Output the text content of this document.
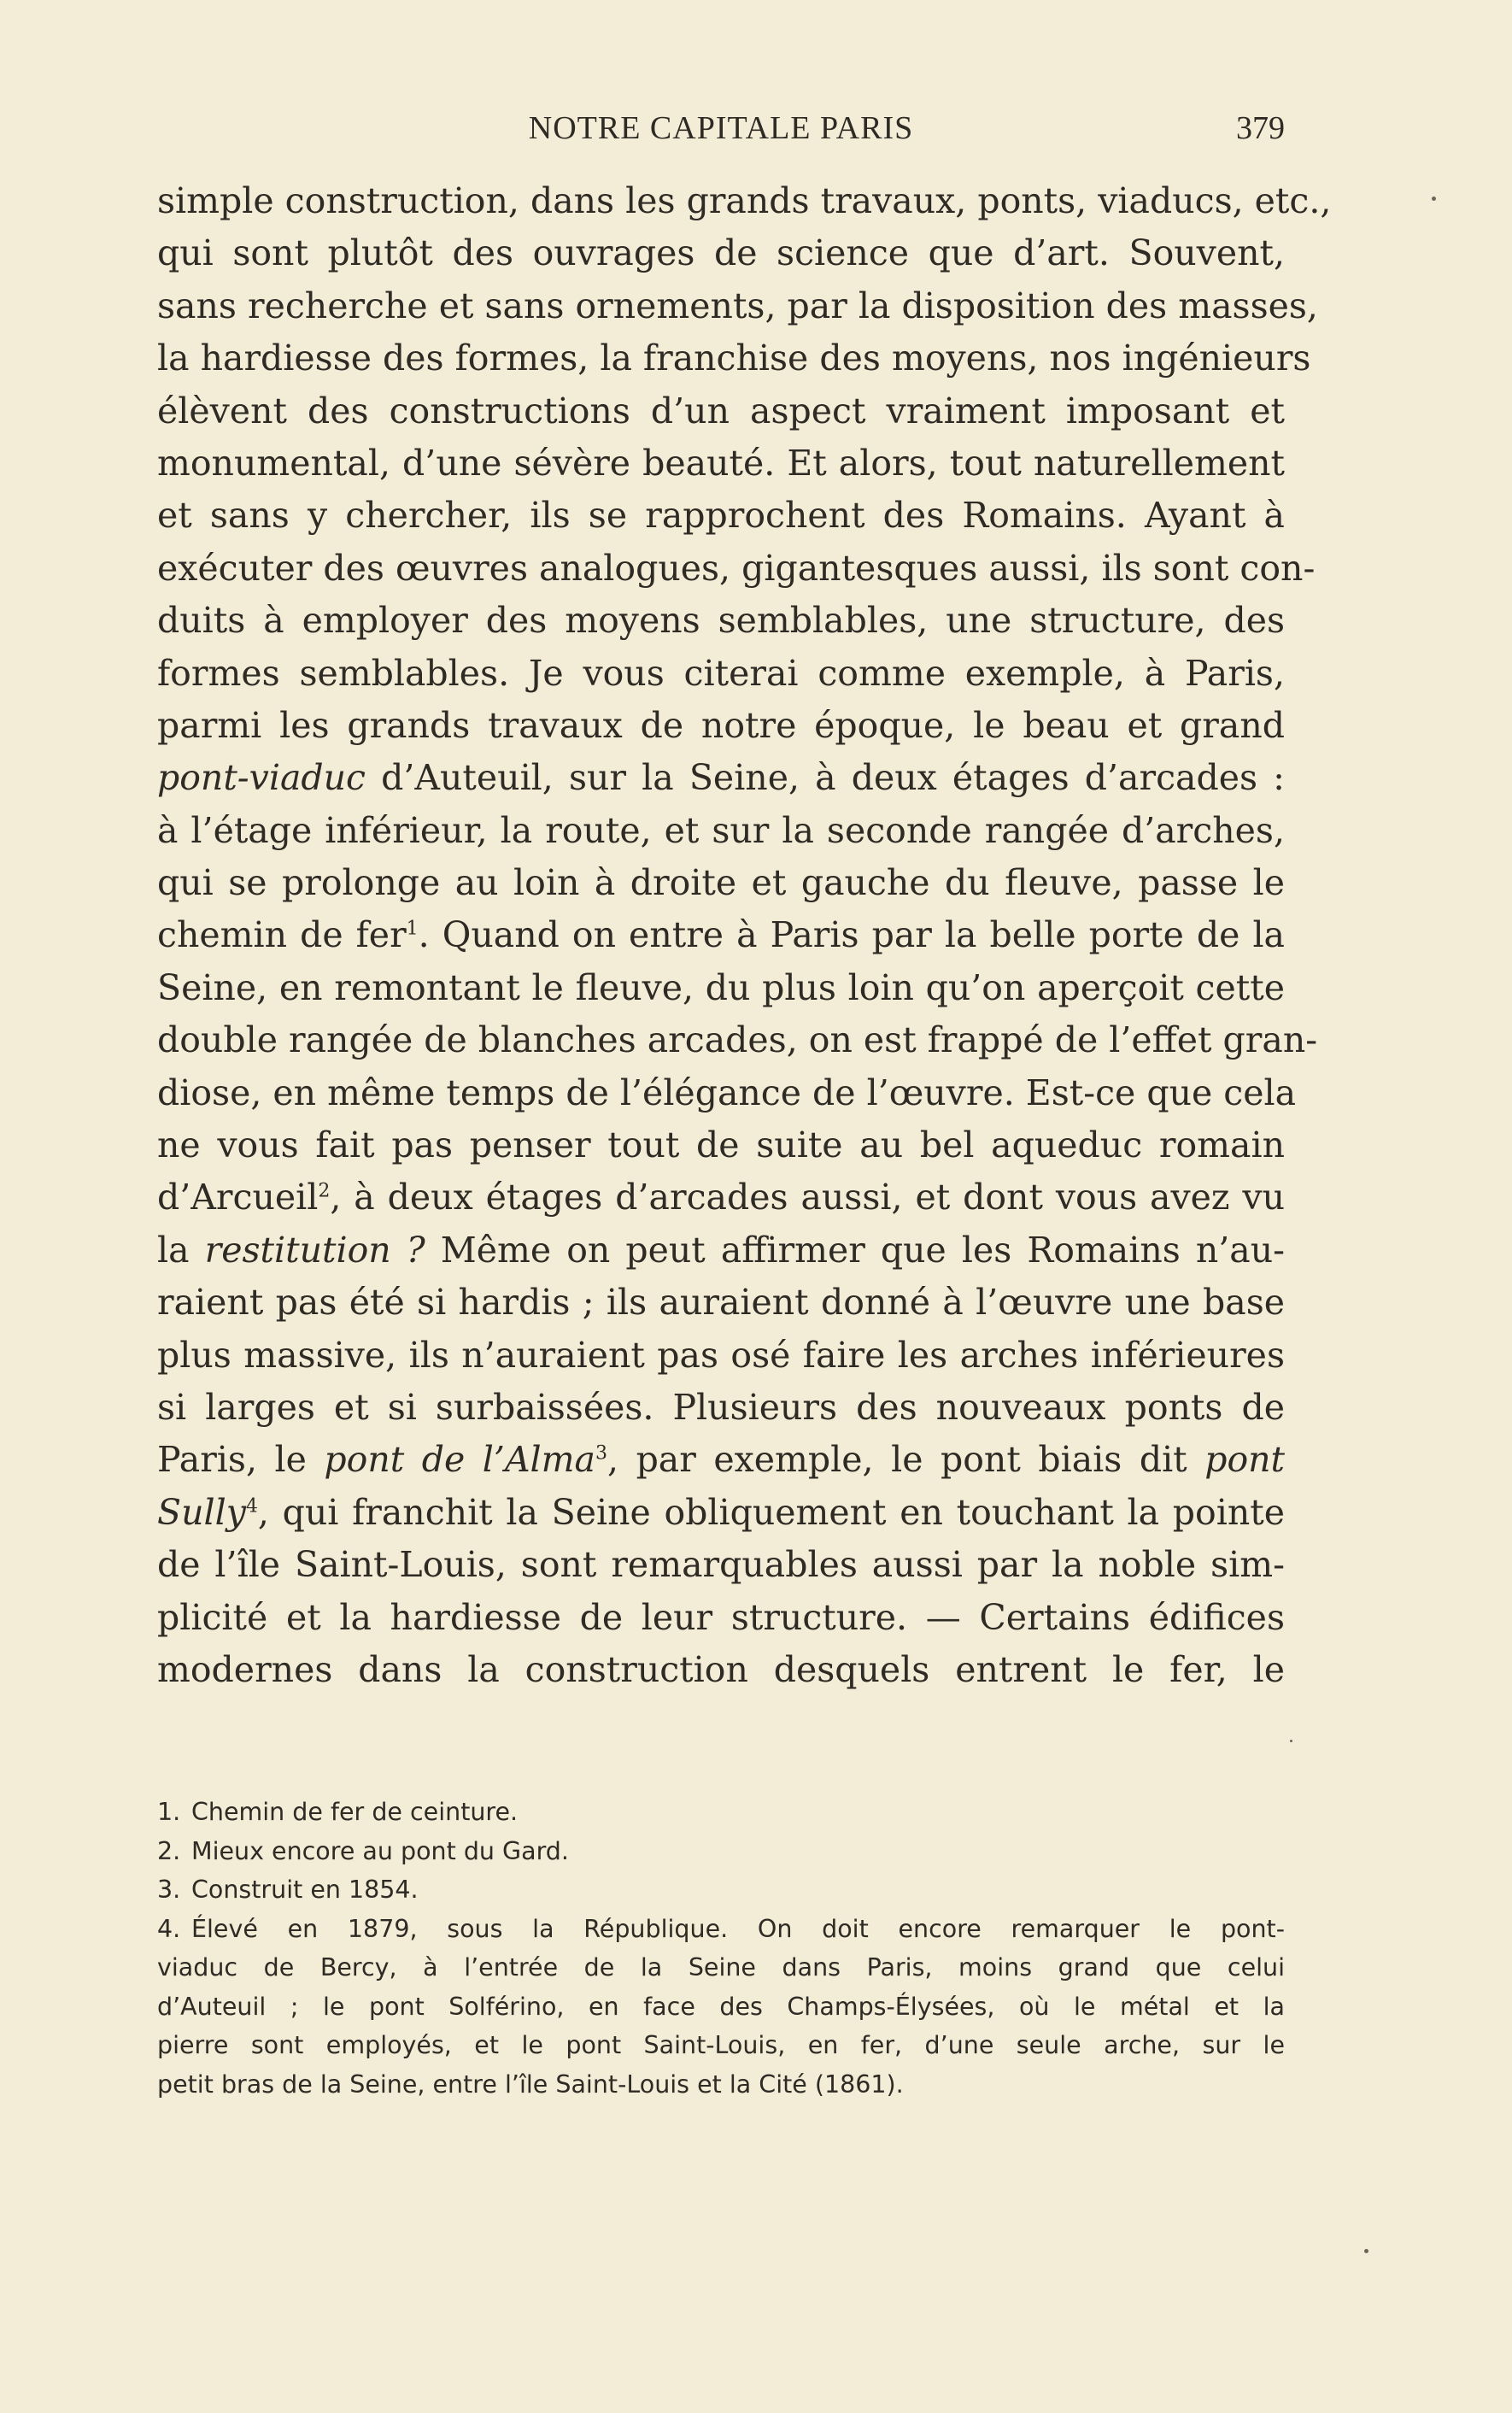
NOTRE CAPITALE PARIS	379
simple construction, dans les grands travaux, ponts, viaducs, etc.,
qui sont plutôt des ouvrages de science que d’art. Souvent,
sans recherche et sans ornements, par la disposition des masses,
la hardiesse des formes, la franchise des moyens, nos ingénieurs
élèvent des constructions d’un aspect vraiment imposant et
monumental, d’une sévère beauté. Et alors, tout naturellement
et sans y chercher, ils se rapprochent des Romains. Ayant à
exécuter des œuvres analogues, gigantesques aussi, ils sont con-
duits à employer des moyens semblables, une structure, des
formes semblables. Je vous citerai comme exemple, à Paris,
parmi les grands travaux de notre époque, le beau et grand
pont-viaduc d’Auteuil, sur la Seine, à deux étages d’arcades :
à l’étage inférieur, la route, et sur la seconde rangée d’arches,
qui se prolonge au loin à droite et gauche du fleuve, passe le
chemin de fer$^1$. Quand on entre à Paris par la belle porte de la
Seine, en remontant le fleuve, du plus loin qu’on aperçoit cette
double rangée de blanches arcades, on est frappé de l’effet gran-
diose, en même temps de l’élégance de l’œuvre. Est-ce que cela
ne vous fait pas penser tout de suite au bel aqueduc romain
d’Arcueil$^2$, à deux étages d’arcades aussi, et dont vous avez vu
la restitution ? Même on peut affirmer que les Romains n’au-
raient pas été si hardis ; ils auraient donné à l’œuvre une base
plus massive, ils n’auraient pas osé faire les arches inférieures
si larges et si surbaissées. Plusieurs des nouveaux ponts de
Paris, le pont de l’Alma$^3$, par exemple, le pont biais dit pont
Sully$^4$, qui franchit la Seine obliquement en touchant la pointe
de l’île Saint-Louis, sont remarquables aussi par la noble sim-
plicité et la hardiesse de leur structure. — Certains édifices
modernes dans la construction desquels entrent le fer, le
1. Chemin de fer de ceinture.
2. Mieux encore au pont du Gard.
3. Construit en 1854.
4. Élevé en 1879, sous la République. On doit encore remarquer le pont-
viaduc de Bercy, à l’entrée de la Seine dans Paris, moins grand que celui
d’Auteuil ; le pont Solférino, en face des Champs-Élysées, où le métal et la
pierre sont employés, et le pont Saint-Louis, en fer, d’une seule arche, sur le
petit bras de la Seine, entre l’île Saint-Louis et la Cité (1861).
